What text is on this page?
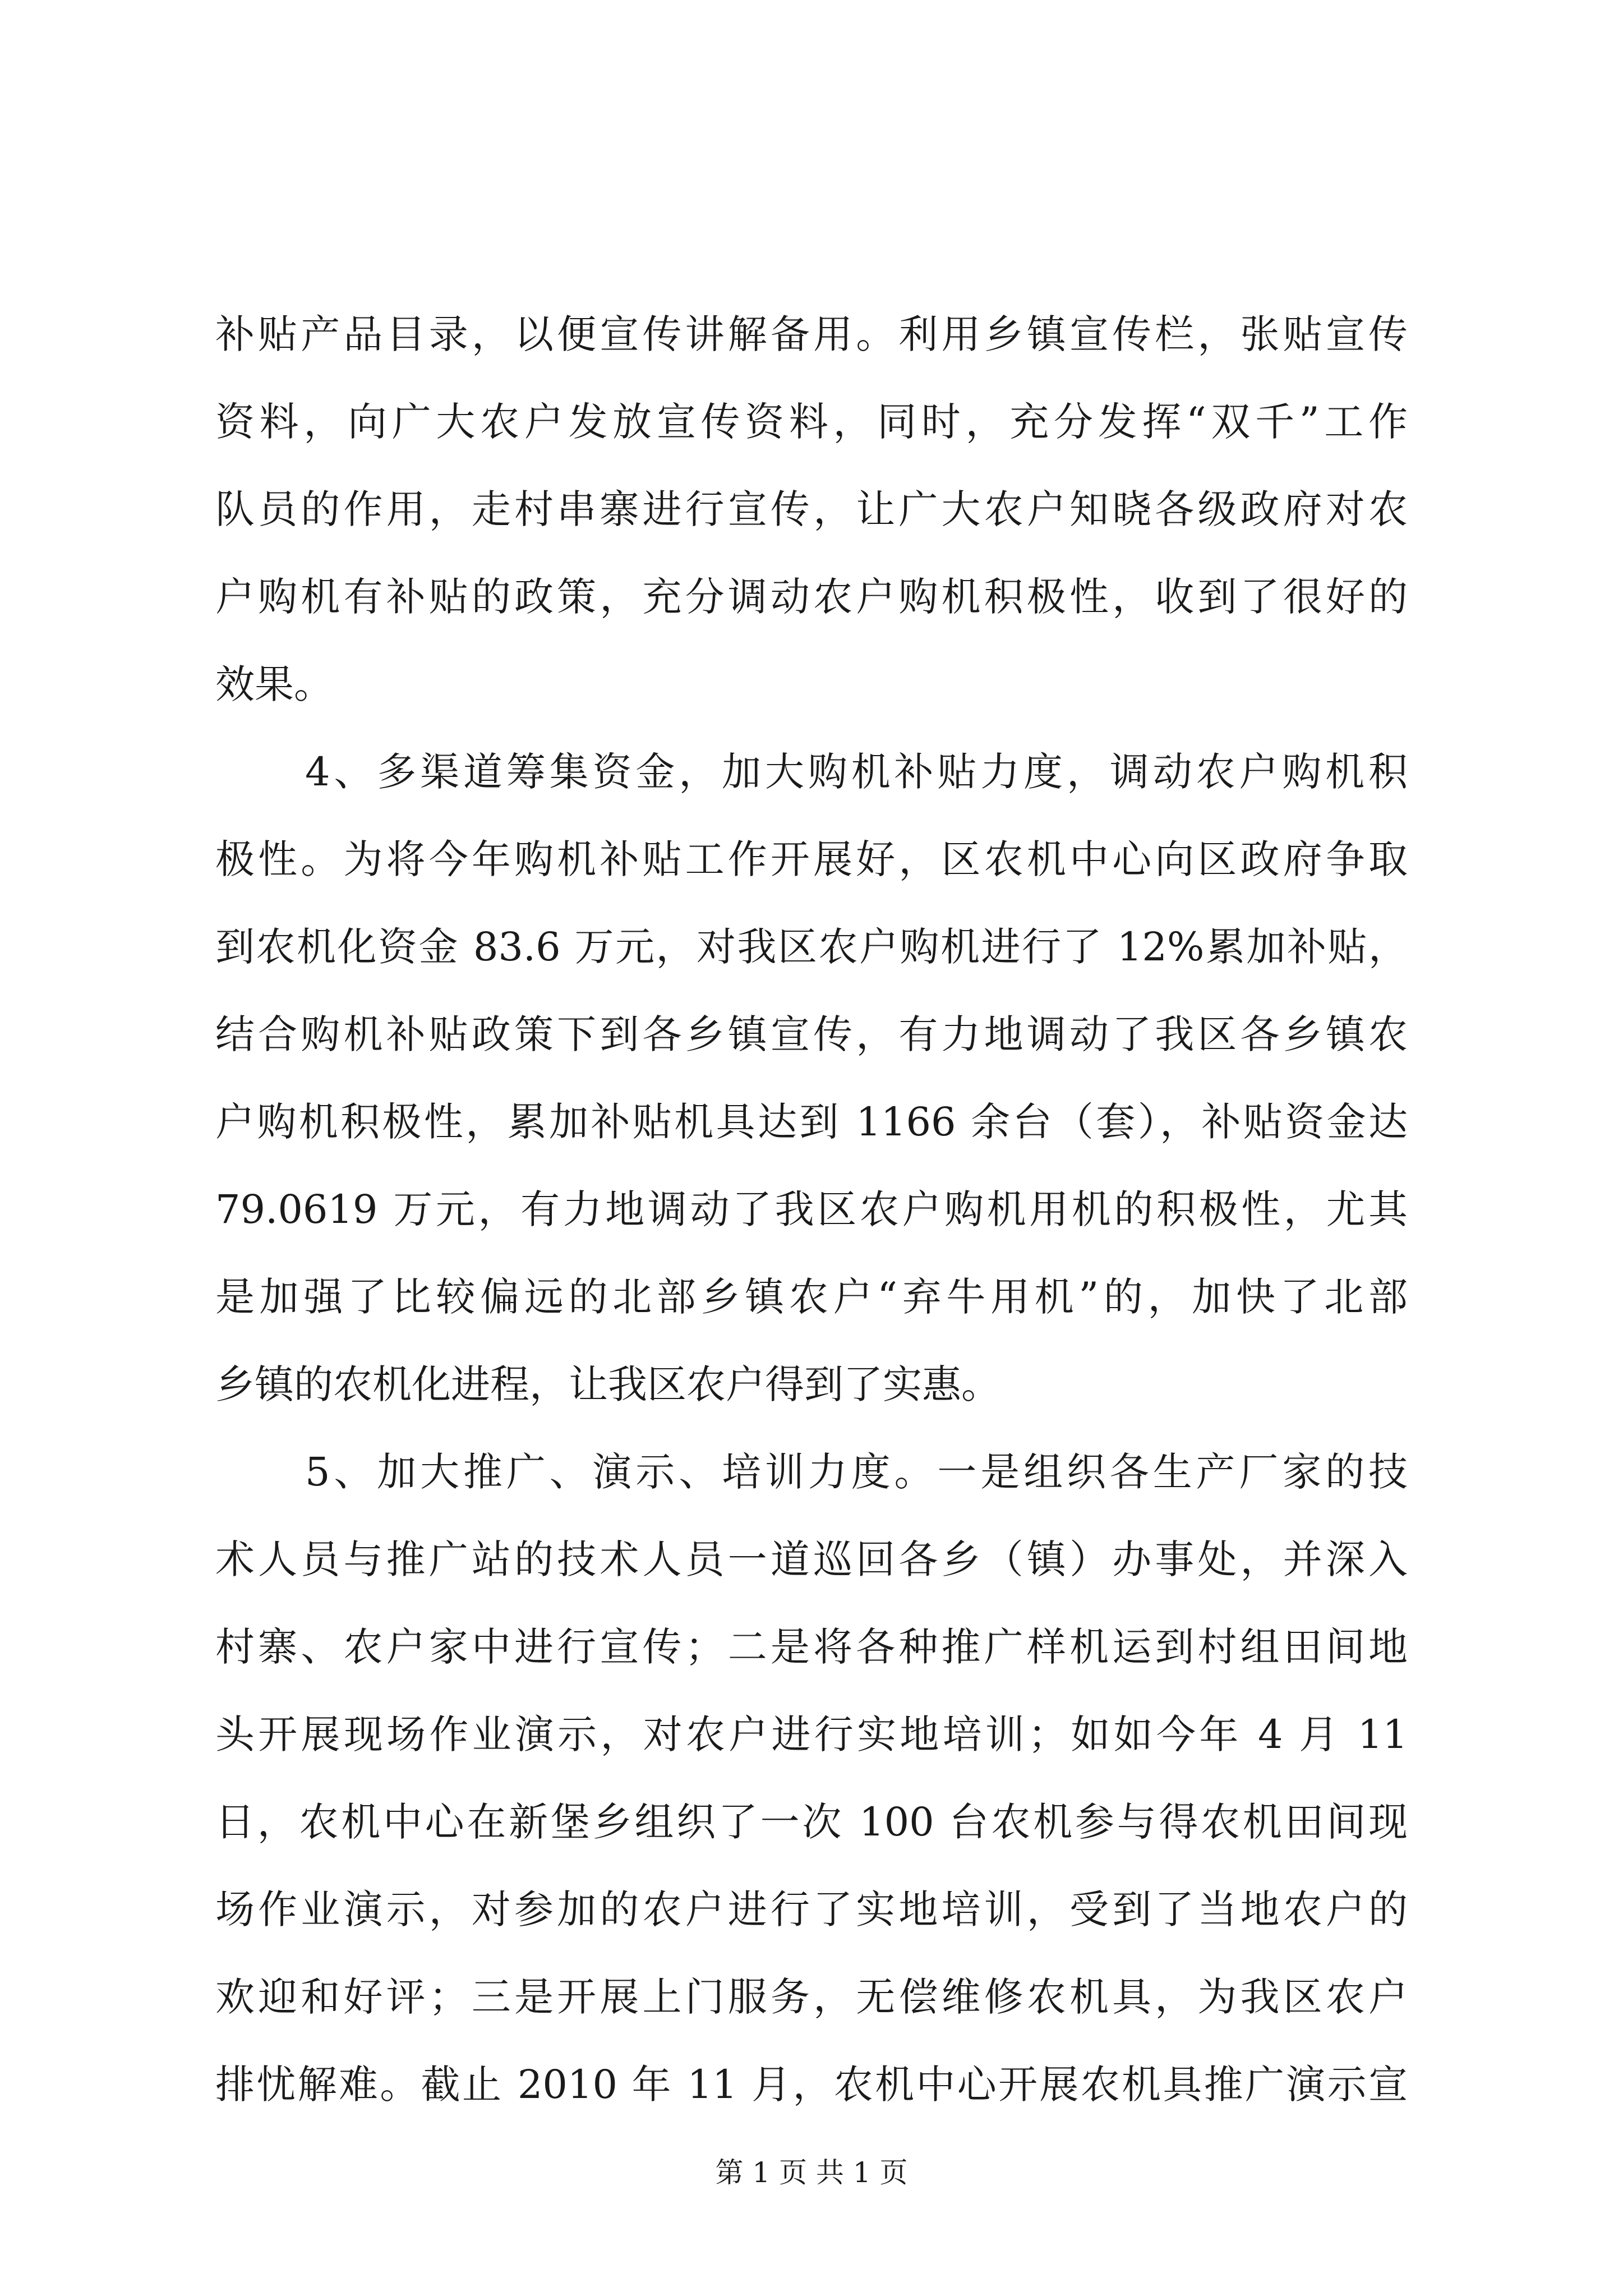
补贴产品目录，以便宣传讲解备用。利用乡镇宣传栏，张贴宣传
资料，向广大农户发放宣传资料，同时，充分发挥“双千”工作
队员的作用，走村串寨进行宣传，让广大农户知晓各级政府对农
户购机有补贴的政策，充分调动农户购机积极性，收到了很好的
效果。
4、多渠道筹集资金，加大购机补贴力度，调动农户购机积
极性。为将今年购机补贴工作开展好，区农机中心向区政府争取
到农机化资金 83.6 万元，对我区农户购机进行了 12%累加补贴，
结合购机补贴政策下到各乡镇宣传，有力地调动了我区各乡镇农
户购机积极性，累加补贴机具达到 1166 余台（套），补贴资金达
79.0619 万元，有力地调动了我区农户购机用机的积极性，尤其
是加强了比较偏远的北部乡镇农户“弃牛用机”的，加快了北部
乡镇的农机化进程，让我区农户得到了实惠。
5、加大推广、演示、培训力度。一是组织各生产厂家的技
术人员与推广站的技术人员一道巡回各乡（镇）办事处，并深入
村寨、农户家中进行宣传；二是将各种推广样机运到村组田间地
头开展现场作业演示，对农户进行实地培训；如如今年 4 月 11
日，农机中心在新堡乡组织了一次 100 台农机参与得农机田间现
场作业演示，对参加的农户进行了实地培训，受到了当地农户的
欢迎和好评；三是开展上门服务，无偿维修农机具，为我区农户
排忧解难。截止 2010 年 11 月，农机中心开展农机具推广演示宣
第 1 页 共 1 页
